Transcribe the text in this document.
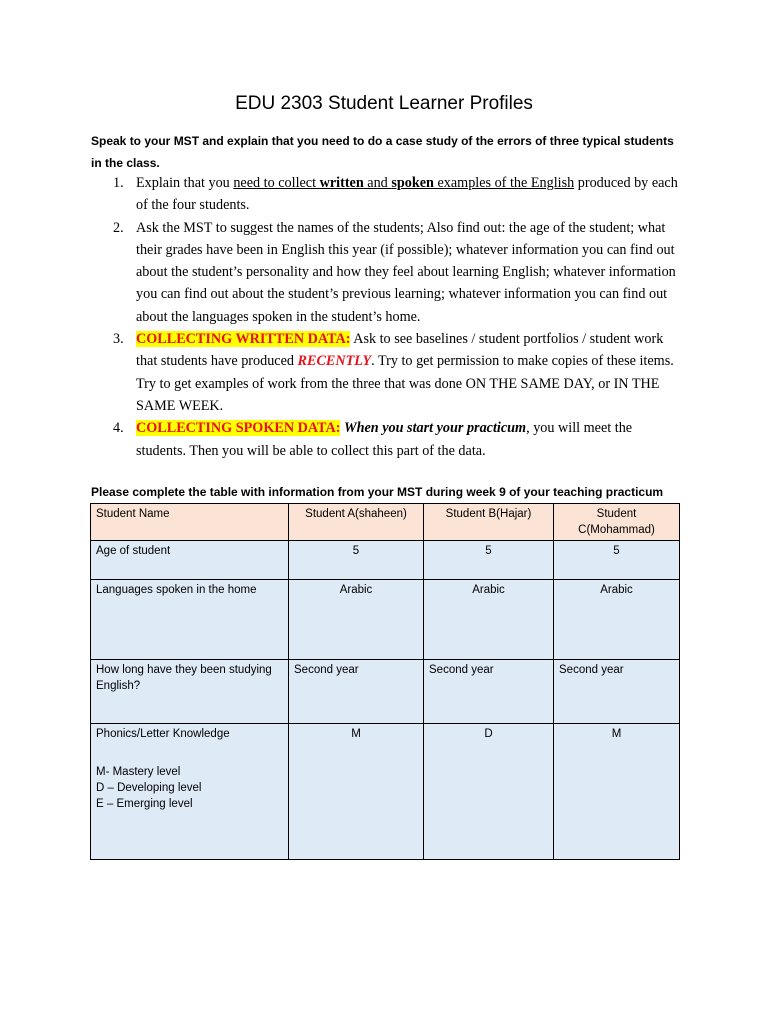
EDU 2303 Student Learner Profiles

Speak to your MST and explain that you need to do a case study of the errors of three typical students in the class.

1. Explain that you need to collect written and spoken examples of the English produced by each of the four students.
2. Ask the MST to suggest the names of the students; Also find out: the age of the student; what their grades have been in English this year (if possible); whatever information you can find out about the student’s personality and how they feel about learning English; whatever information you can find out about the student’s previous learning; whatever information you can find out about the languages spoken in the student’s home.
3. COLLECTING WRITTEN DATA: Ask to see baselines / student portfolios / student work that students have produced RECENTLY. Try to get permission to make copies of these items. Try to get examples of work from the three that was done ON THE SAME DAY, or IN THE SAME WEEK.
4. COLLECTING SPOKEN DATA: When you start your practicum, you will meet the students. Then you will be able to collect this part of the data.

Please complete the table with information from your MST during week 9 of your teaching practicum

Student Name	Student A(shaheen)	Student B(Hajar)	Student C(Mohammad)
Age of student	5	5	5
Languages spoken in the home	Arabic	Arabic	Arabic
How long have they been studying English?	Second year	Second year	Second year

Phonics/Letter Knowledge
M- Mastery level
D – Developing level
E – Emerging level	M	D	M
